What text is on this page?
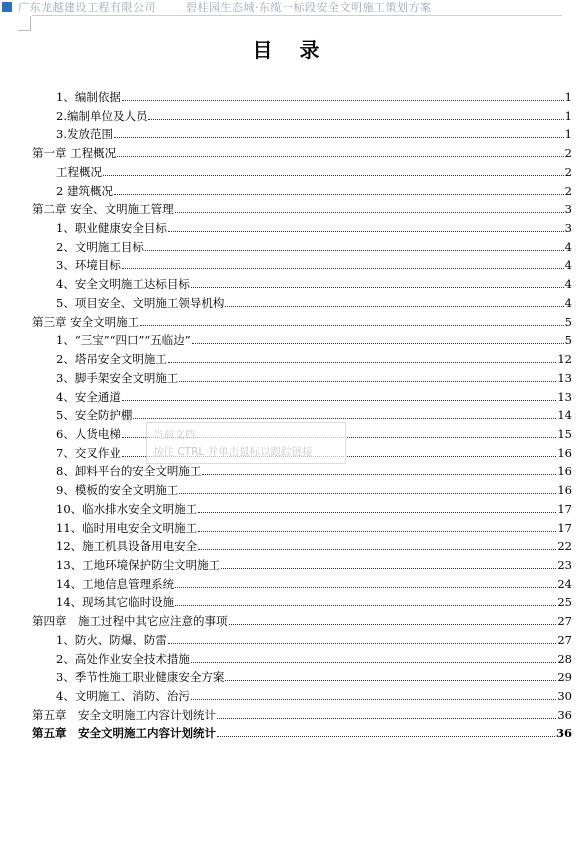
广东龙越建设工程有限公司	碧桂园生态城·东缆一标段安全文明施工策划方案
目 录
1、编制依据	1
2.编制单位及人员	1
3.发放范围	1
第一章 工程概况	2
工程概况	2
2 建筑概况	2
第二章 安全、文明施工管理	3
1、职业健康安全目标	3
2、文明施工目标	4
3、环境目标	4
4、安全文明施工达标目标	4
5、项目安全、文明施工领导机构	4
第三章 安全文明施工	5
1、“三宝”“四口”“五临边”	5
2、塔吊安全文明施工	12
3、脚手架安全文明施工	13
4、安全通道	13
5、安全防护棚	14
6、人货电梯	15
7、交叉作业	16
8、卸料平台的安全文明施工	16
9、模板的安全文明施工	16
10、临水排水安全文明施工	17
11、临时用电安全文明施工	17
12、施工机具设备用电安全	22
13、工地环境保护防尘文明施工	23
14、工地信息管理系统	24
14、现场其它临时设施	25
第四章　施工过程中其它应注意的事项	27
1、防火、防爆、防雷	27
2、高处作业安全技术措施	28
3、季节性施工职业健康安全方案	29
4、文明施工、消防、治污	30
第五章　安全文明施工内容计划统计	36
第五章　安全文明施工内容计划统计	36
当前文档
按住 CTRL 并单击鼠标以跟踪链接
